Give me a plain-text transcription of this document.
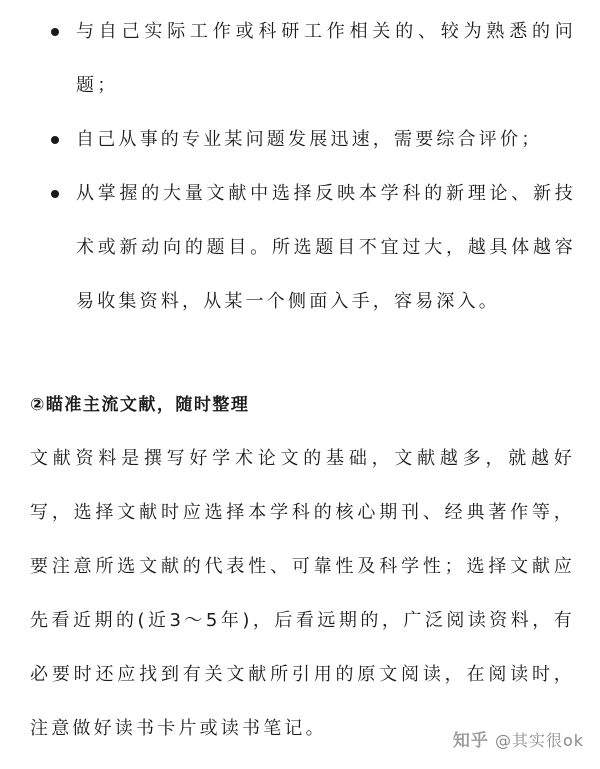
与自己实际工作或科研工作相关的、较为熟悉的问题；
自己从事的专业某问题发展迅速，需要综合评价；
从掌握的大量文献中选择反映本学科的新理论、新技术或新动向的题目。所选题目不宜过大，越具体越容易收集资料，从某一个侧面入手，容易深入。
②瞄准主流文献，随时整理

文献资料是撰写好学术论文的基础，文献越多，就越好写，选择文献时应选择本学科的核心期刊、经典著作等，要注意所选文献的代表性、可靠性及科学性；选择文献应先看近期的(近3～5年)，后看远期的，广泛阅读资料，有必要时还应找到有关文献所引用的原文阅读，在阅读时，注意做好读书卡片或读书笔记。

知乎 @其实很ok
